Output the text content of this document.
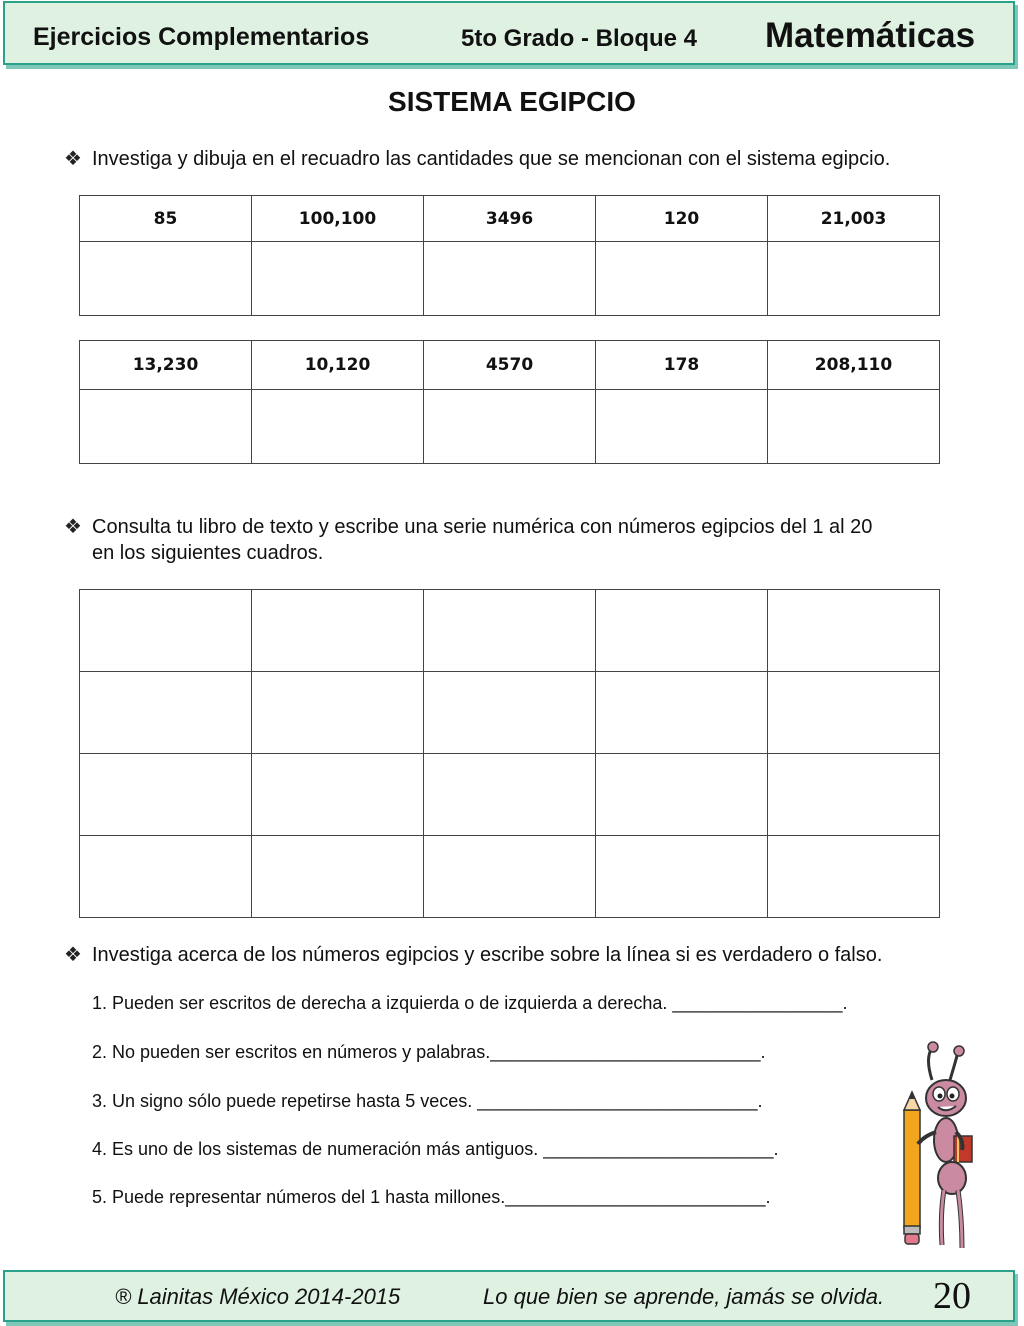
Ejercicios Complementarios	5to Grado - Bloque 4 Matemáticas
SISTEMA EGIPCIO
❖ Investiga y dibuja en el recuadro las cantidades que se mencionan con el sistema egipcio.
85	100,100	3496	120	21,003

13,230	10,120	4570	178	208,110

❖ Consulta tu libro de texto y escribe una serie numérica con números egipcios del 1 al 20
en los siguientes cuadros.

❖ Investiga acerca de los números egipcios y escribe sobre la línea si es verdadero o falso.
1. Pueden ser escritos de derecha a izquierda o de izquierda a derecha. _________________.
2. No pueden ser escritos en números y palabras.___________________________.
3. Un signo sólo puede repetirse hasta 5 veces. ____________________________.
4. Es uno de los sistemas de numeración más antiguos. _______________________.
5. Puede representar números del 1 hasta millones.__________________________.
® Lainitas México 2014-2015	Lo que bien se aprende, jamás se olvida. 20
